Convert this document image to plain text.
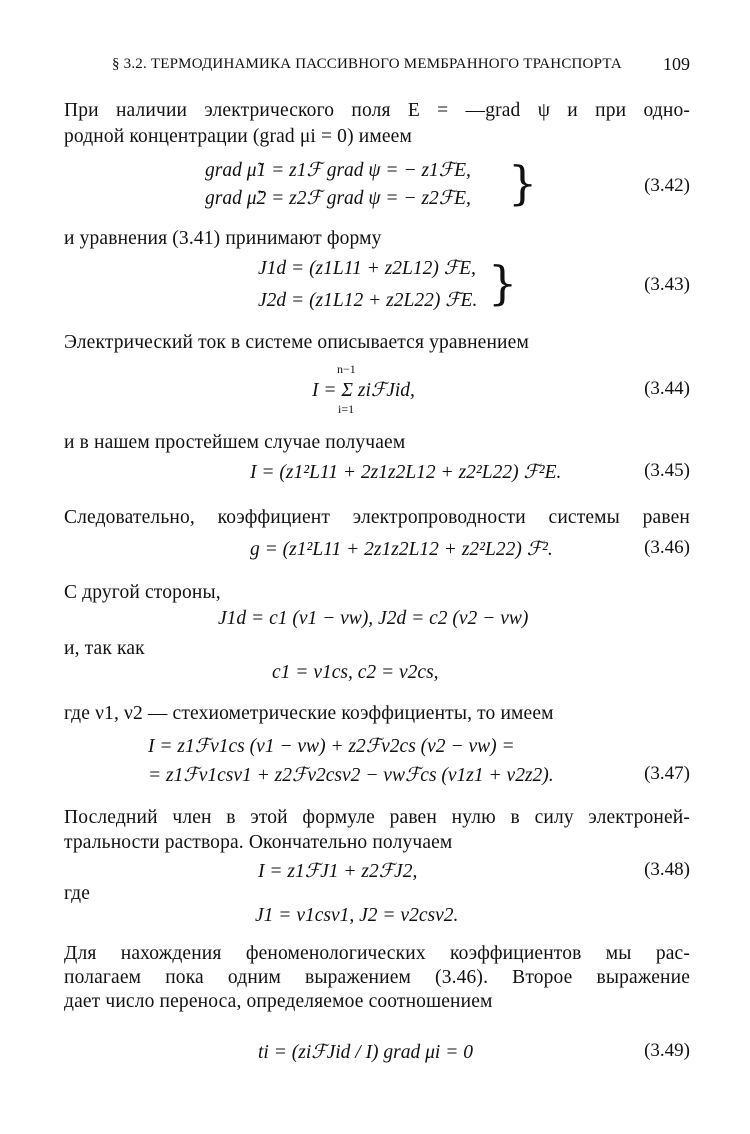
§ 3.2. ТЕРМОДИНАМИКА ПАССИВНОГО МЕМБРАННОГО ТРАНСПОРТА 109
При наличии электрического поля E = —grad ψ и при одно-
родной концентрации (grad μi = 0) имеем
grad μ̃1 = z1ℱ grad ψ = − z1ℱE,
grad μ̃2 = z2ℱ grad ψ = − z2ℱE, }	(3.42)
и уравнения (3.41) принимают форму
J1d = (z1L11 + z2L12) ℱE,
J2d = (z1L12 + z2L22) ℱE. }	(3.43)
Электрический ток в системе описывается уравнением
n−1
I = Σ ziℱJid,
i=1
(3.44)
и в нашем простейшем случае получаем
I = (z1²L11 + 2z1z2L12 + z2²L22) ℱ²E.	(3.45)
Следовательно, коэффициент электропроводности системы равен
g = (z1²L11 + 2z1z2L12 + z2²L22) ℱ².	(3.46)
С другой стороны,
J1d = c1 (v1 − vw), J2d = c2 (v2 − vw)
и, так как
c1 = ν1cs, c2 = ν2cs,
где ν1, ν2 — стехиометрические коэффициенты, то имеем
I = z1ℱν1cs (v1 − vw) + z2ℱν2cs (v2 − vw) =
= z1ℱν1csv1 + z2ℱν2csv2 − vwℱcs (ν1z1 + ν2z2).	(3.47)
Последний член в этой формуле равен нулю в силу электроней-
тральности раствора. Окончательно получаем
I = z1ℱJ1 + z2ℱJ2,	(3.48)
где
J1 = ν1csv1, J2 = ν2csv2.
Для нахождения феноменологических коэффициентов мы рас-
полагаем пока одним выражением (3.46). Второе выражение
дает число переноса, определяемое соотношением
ti = (ziℱJid / I) grad μi = 0	(3.49)
